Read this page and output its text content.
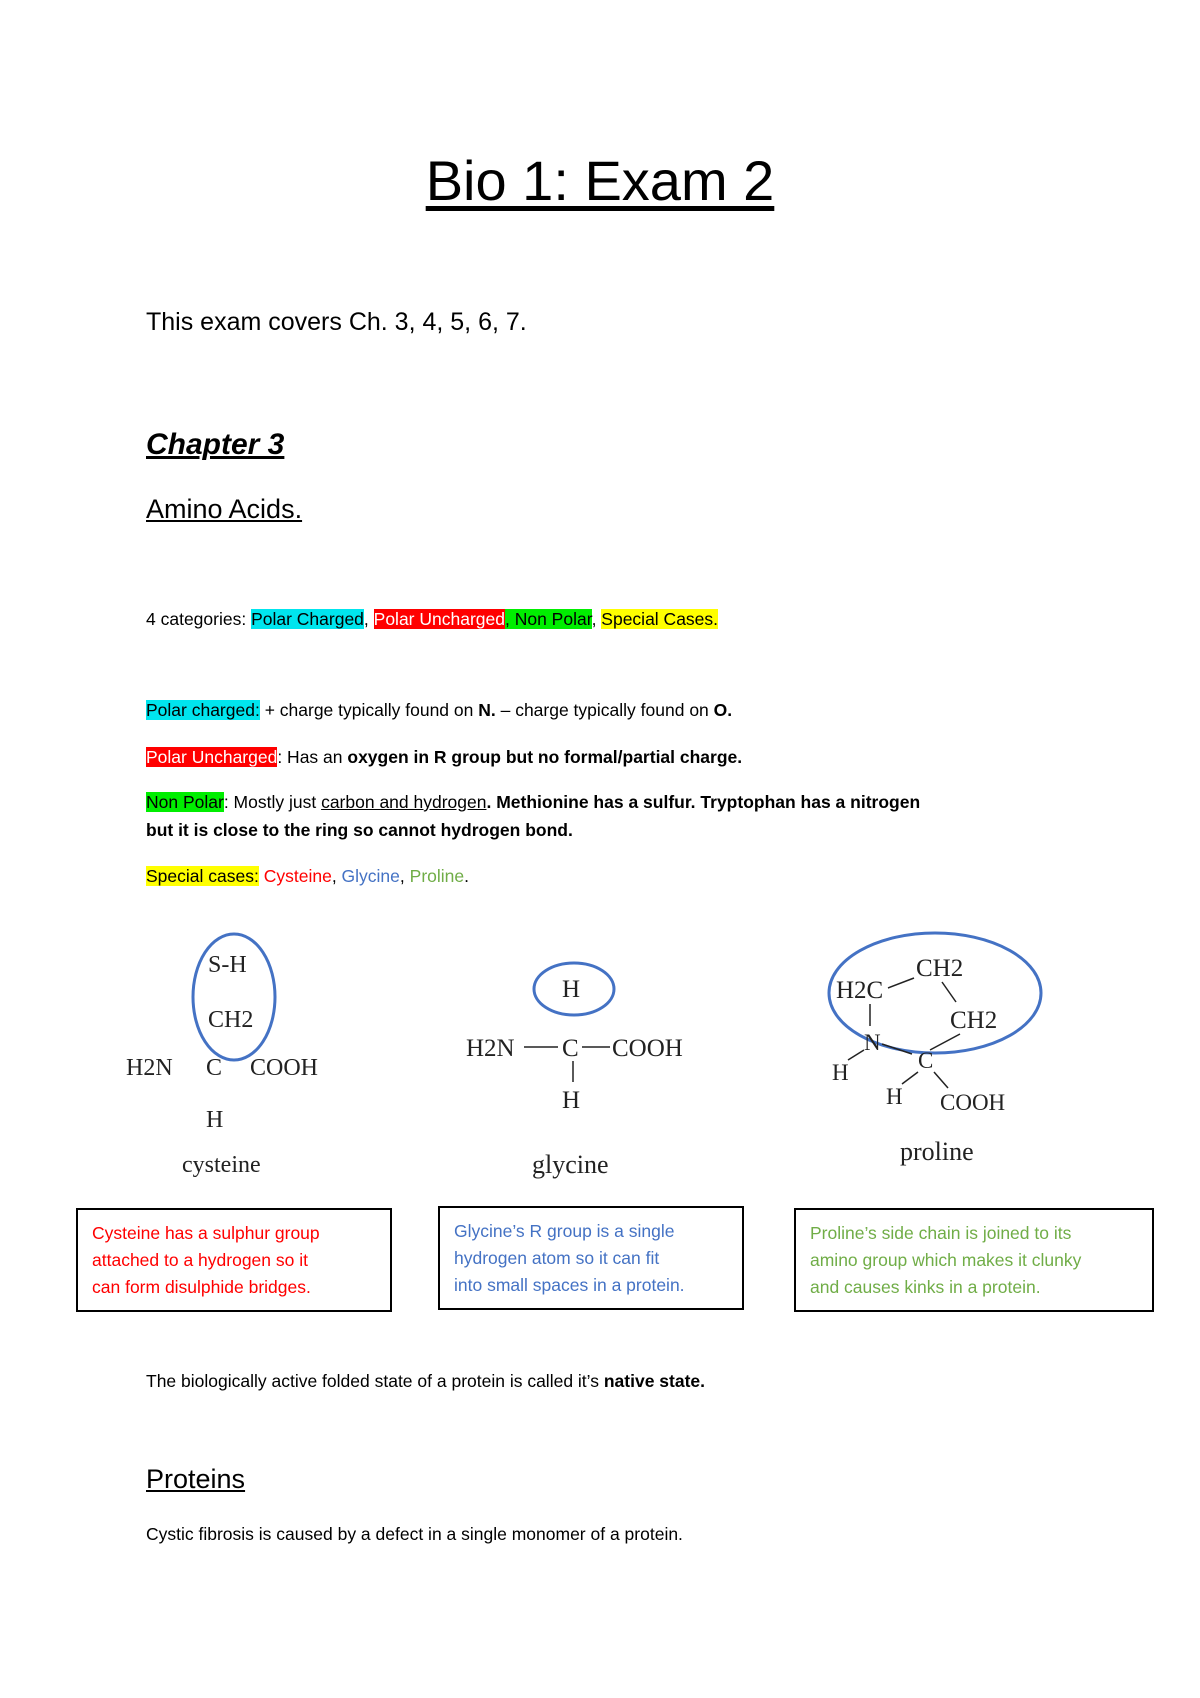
Bio 1: Exam 2
This exam covers Ch. 3, 4, 5, 6, 7.
Chapter 3
Amino Acids.
4 categories: Polar Charged, Polar Uncharged, Non Polar, Special Cases.
Polar charged: + charge typically found on N. – charge typically found on O.
Polar Uncharged: Has an oxygen in R group but no formal/partial charge.
Non Polar: Mostly just carbon and hydrogen. Methionine has a sulfur. Tryptophan has a nitrogen
but it is close to the ring so cannot hydrogen bond.
Special cases: Cysteine, Glycine, Proline.
S-H
CH2
H2N C COOH
H
cysteine
H
H2N C COOH
H
glycine
H2C
CH2
CH2
N
C
H
H COOH
proline
Cysteine has a sulphur group
attached to a hydrogen so it
can form disulphide bridges.
Glycine’s R group is a single
hydrogen atom so it can fit
into small spaces in a protein.
Proline’s side chain is joined to its
amino group which makes it clunky
and causes kinks in a protein.
The biologically active folded state of a protein is called it’s native state.
Proteins
Cystic fibrosis is caused by a defect in a single monomer of a protein.
